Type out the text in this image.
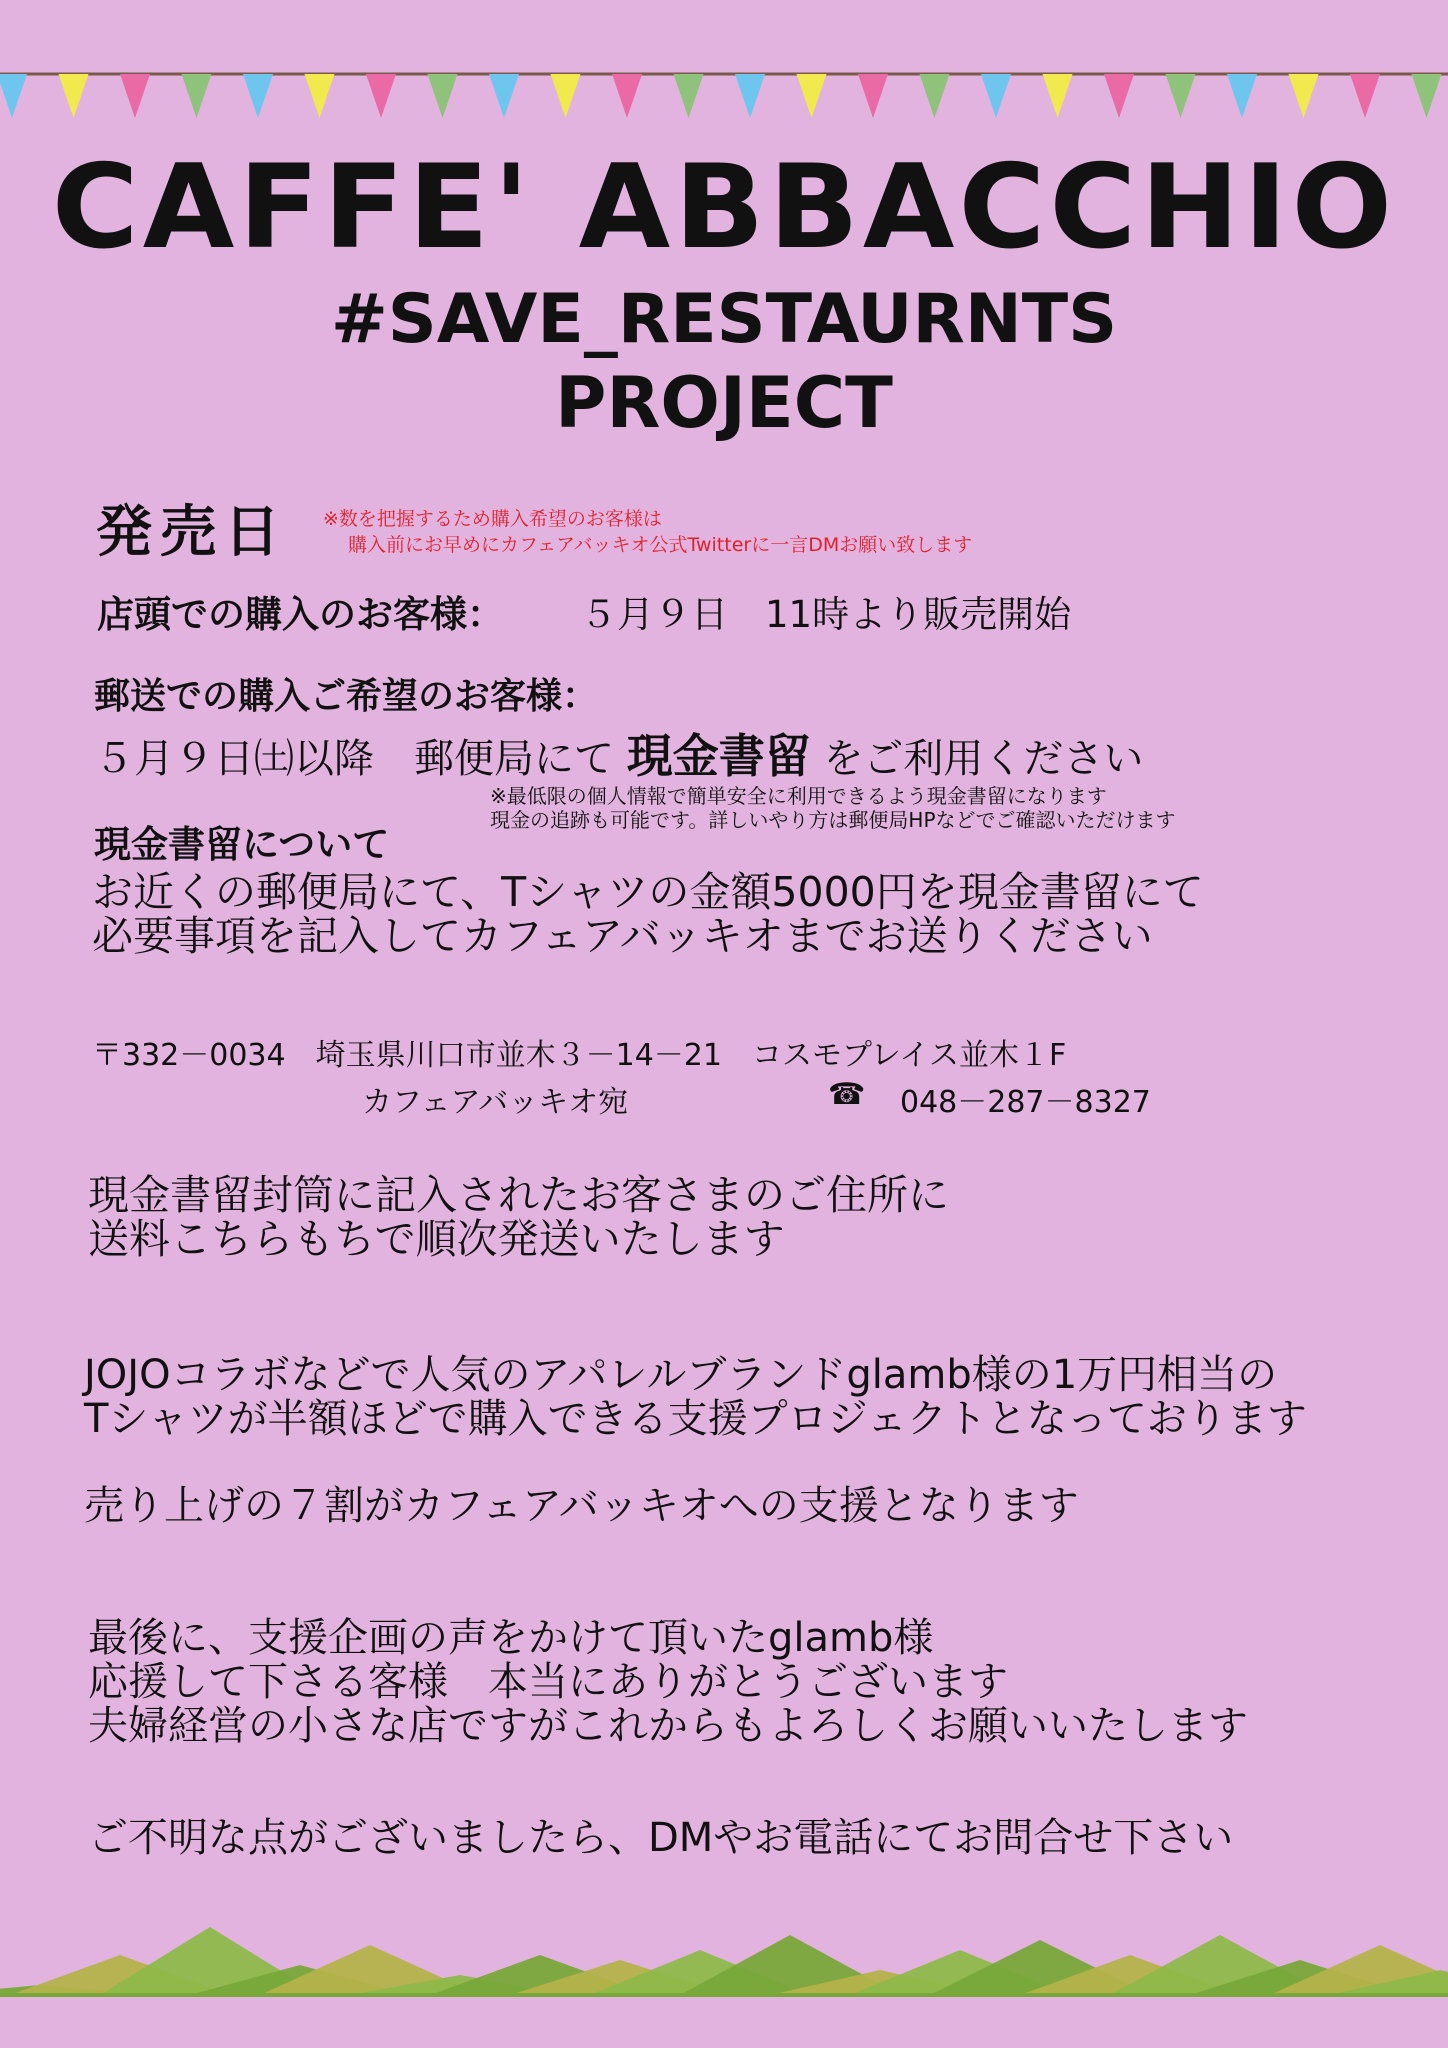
CAFFE' ABBACCHIO
#SAVE_RESTAURNTS
PROJECT
発売日 ※数を把握するため購入希望のお客様は
購入前にお早めにカフェアバッキオ公式Twitterに一言DMお願い致します
店頭での購入のお客様： ５月９日　11時より販売開始
郵送での購入ご希望のお客様：
５月９日㈯以降　郵便局にて 現金書留 をご利用ください
※最低限の個人情報で簡単安全に利用できるよう現金書留になります
現金の追跡も可能です。詳しいやり方は郵便局HPなどでご確認いただけます
現金書留について
お近くの郵便局にて、Tシャツの金額5000円を現金書留にて
必要事項を記入してカフェアバッキオまでお送りください
〒332－0034　埼玉県川口市並木３－14－21　コスモプレイス並木１F
カフェアバッキオ宛	☎ 048－287－8327
現金書留封筒に記入されたお客さまのご住所に
送料こちらもちで順次発送いたします
JOJOコラボなどで人気のアパレルブランドglamb様の1万円相当の
Tシャツが半額ほどで購入できる支援プロジェクトとなっております
売り上げの７割がカフェアバッキオへの支援となります
最後に、支援企画の声をかけて頂いたglamb様
応援して下さる客様　本当にありがとうございます
夫婦経営の小さな店ですがこれからもよろしくお願いいたします
ご不明な点がございましたら、DMやお電話にてお問合せ下さい
